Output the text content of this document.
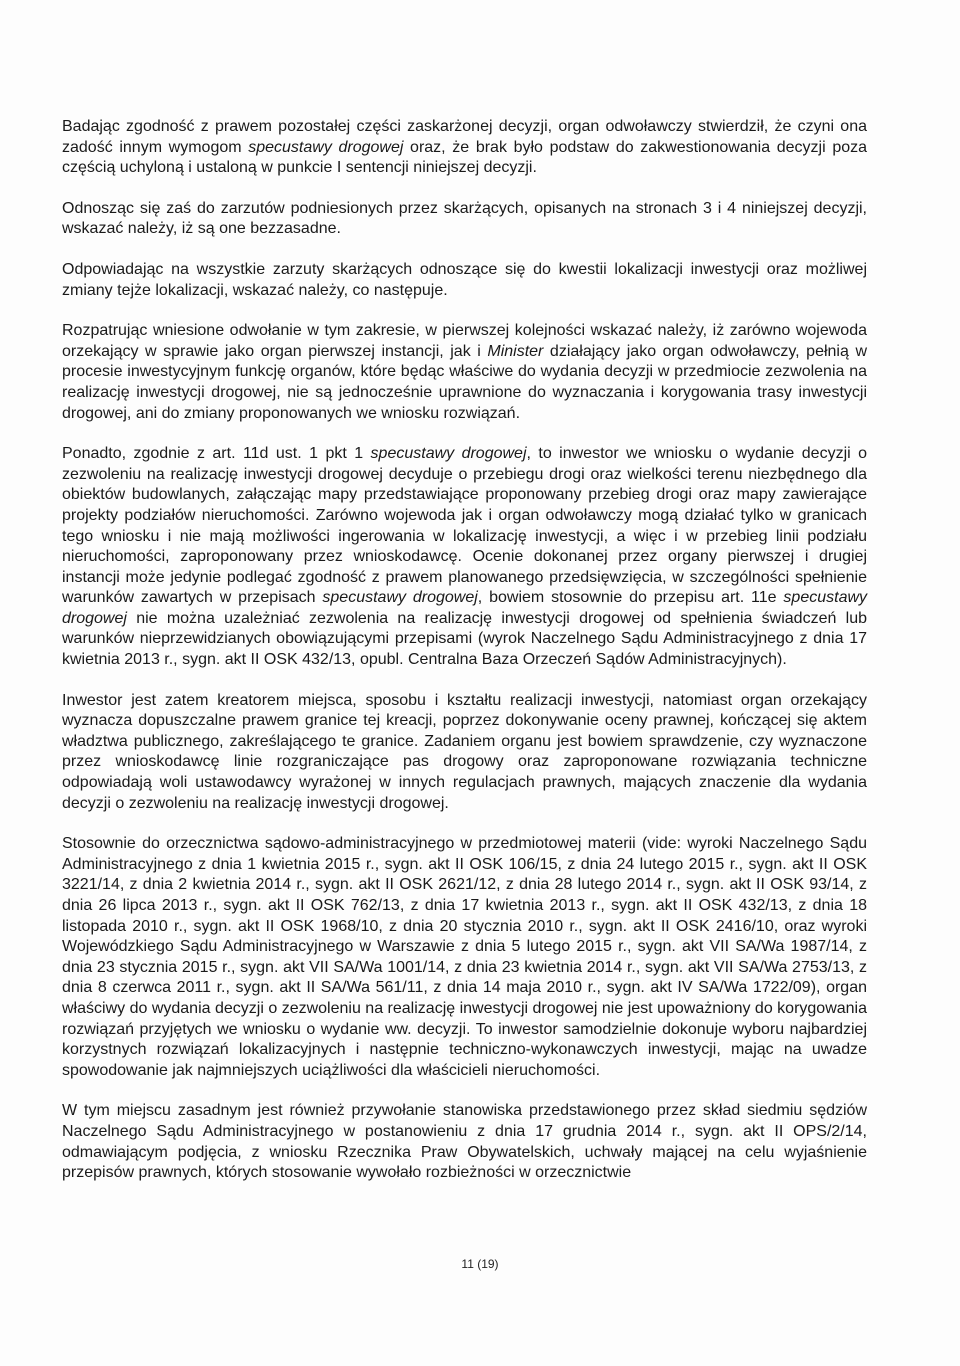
Badając zgodność z prawem pozostałej części zaskarżonej decyzji, organ odwoławczy stwierdził, że czyni ona zadość innym wymogom specustawy drogowej oraz, że brak było podstaw do zakwestionowania decyzji poza częścią uchyloną i ustaloną w punkcie I sentencji niniejszej decyzji.

Odnosząc się zaś do zarzutów podniesionych przez skarżących, opisanych na stronach 3 i 4 niniejszej decyzji, wskazać należy, iż są one bezzasadne.

Odpowiadając na wszystkie zarzuty skarżących odnoszące się do kwestii lokalizacji inwestycji oraz możliwej zmiany tejże lokalizacji, wskazać należy, co następuje.

Rozpatrując wniesione odwołanie w tym zakresie, w pierwszej kolejności wskazać należy, iż zarówno wojewoda orzekający w sprawie jako organ pierwszej instancji, jak i Minister działający jako organ odwoławczy, pełnią w procesie inwestycyjnym funkcję organów, które będąc właściwe do wydania decyzji w przedmiocie zezwolenia na realizację inwestycji drogowej, nie są jednocześnie uprawnione do wyznaczania i korygowania trasy inwestycji drogowej, ani do zmiany proponowanych we wniosku rozwiązań.

Ponadto, zgodnie z art. 11d ust. 1 pkt 1 specustawy drogowej, to inwestor we wniosku o wydanie decyzji o zezwoleniu na realizację inwestycji drogowej decyduje o przebiegu drogi oraz wielkości terenu niezbędnego dla obiektów budowlanych, załączając mapy przedstawiające proponowany przebieg drogi oraz mapy zawierające projekty podziałów nieruchomości. Zarówno wojewoda jak i organ odwoławczy mogą działać tylko w granicach tego wniosku i nie mają możliwości ingerowania w lokalizację inwestycji, a więc i w przebieg linii podziału nieruchomości, zaproponowany przez wnioskodawcę. Ocenie dokonanej przez organy pierwszej i drugiej instancji może jedynie podlegać zgodność z prawem planowanego przedsięwzięcia, w szczególności spełnienie warunków zawartych w przepisach specustawy drogowej, bowiem stosownie do przepisu art. 11e specustawy drogowej nie można uzależniać zezwolenia na realizację inwestycji drogowej od spełnienia świadczeń lub warunków nieprzewidzianych obowiązującymi przepisami (wyrok Naczelnego Sądu Administracyjnego z dnia 17 kwietnia 2013 r., sygn. akt II OSK 432/13, opubl. Centralna Baza Orzeczeń Sądów Administracyjnych).

Inwestor jest zatem kreatorem miejsca, sposobu i kształtu realizacji inwestycji, natomiast organ orzekający wyznacza dopuszczalne prawem granice tej kreacji, poprzez dokonywanie oceny prawnej, kończącej się aktem władztwa publicznego, zakreślającego te granice. Zadaniem organu jest bowiem sprawdzenie, czy wyznaczone przez wnioskodawcę linie rozgraniczające pas drogowy oraz zaproponowane rozwiązania techniczne odpowiadają woli ustawodawcy wyrażonej w innych regulacjach prawnych, mających znaczenie dla wydania decyzji o zezwoleniu na realizację inwestycji drogowej.

Stosownie do orzecznictwa sądowo-administracyjnego w przedmiotowej materii (vide: wyroki Naczelnego Sądu Administracyjnego z dnia 1 kwietnia 2015 r., sygn. akt II OSK 106/15, z dnia 24 lutego 2015 r., sygn. akt II OSK 3221/14, z dnia 2 kwietnia 2014 r., sygn. akt II OSK 2621/12, z dnia 28 lutego 2014 r., sygn. akt II OSK 93/14, z dnia 26 lipca 2013 r., sygn. akt II OSK 762/13, z dnia 17 kwietnia 2013 r., sygn. akt II OSK 432/13, z dnia 18 listopada 2010 r., sygn. akt II OSK 1968/10, z dnia 20 stycznia 2010 r., sygn. akt II OSK 2416/10, oraz wyroki Wojewódzkiego Sądu Administracyjnego w Warszawie z dnia 5 lutego 2015 r., sygn. akt VII SA/Wa 1987/14, z dnia 23 stycznia 2015 r., sygn. akt VII SA/Wa 1001/14, z dnia 23 kwietnia 2014 r., sygn. akt VII SA/Wa 2753/13, z dnia 8 czerwca 2011 r., sygn. akt II SA/Wa 561/11, z dnia 14 maja 2010 r., sygn. akt IV SA/Wa 1722/09), organ właściwy do wydania decyzji o zezwoleniu na realizację inwestycji drogowej nie jest upoważniony do korygowania rozwiązań przyjętych we wniosku o wydanie ww. decyzji. To inwestor samodzielnie dokonuje wyboru najbardziej korzystnych rozwiązań lokalizacyjnych i następnie techniczno-wykonawczych inwestycji, mając na uwadze spowodowanie jak najmniejszych uciążliwości dla właścicieli nieruchomości.

W tym miejscu zasadnym jest również przywołanie stanowiska przedstawionego przez skład siedmiu sędziów Naczelnego Sądu Administracyjnego w postanowieniu z dnia 17 grudnia 2014 r., sygn. akt II OPS/2/14, odmawiającym podjęcia, z wniosku Rzecznika Praw Obywatelskich, uchwały mającej na celu wyjaśnienie przepisów prawnych, których stosowanie wywołało rozbieżności w orzecznictwie

11 (19)
